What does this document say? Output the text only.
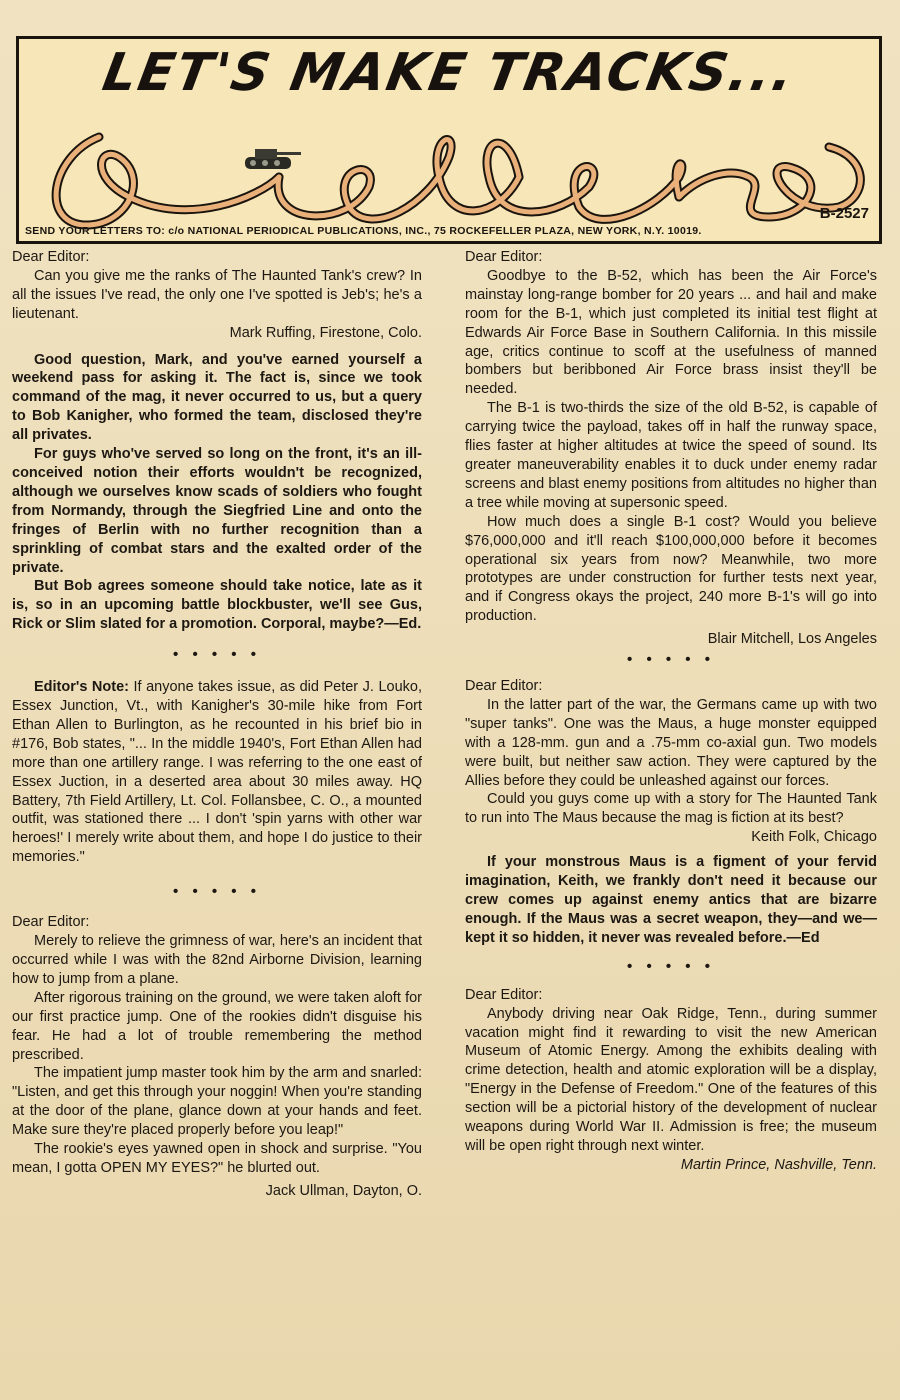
LET'S MAKE TRACKS...
Letters
B-2527
SEND YOUR LETTERS TO: c/o NATIONAL PERIODICAL PUBLICATIONS, INC., 75 ROCKEFELLER PLAZA, NEW YORK, N.Y. 10019.

Dear Editor:

Can you give me the ranks of The Haunted Tank's crew? In all the issues I've read, the only one I've spotted is Jeb's; he's a lieutenant.

Mark Ruffing, Firestone, Colo.

Good question, Mark, and you've earned yourself a weekend pass for asking it. The fact is, since we took command of the mag, it never occurred to us, but a query to Bob Kanigher, who formed the team, disclosed they're all privates.

For guys who've served so long on the front, it's an ill-conceived notion their efforts wouldn't be recognized, although we ourselves know scads of soldiers who fought from Normandy, through the Siegfried Line and onto the fringes of Berlin with no further recognition than a sprinkling of combat stars and the exalted order of the private.

But Bob agrees someone should take notice, late as it is, so in an upcoming battle blockbuster, we'll see Gus, Rick or Slim slated for a promotion. Corporal, maybe?—Ed.

• • • • •

Editor's Note: If anyone takes issue, as did Peter J. Louko, Essex Junction, Vt., with Kanigher's 30-mile hike from Fort Ethan Allen to Burlington, as he recounted in his brief bio in #176, Bob states, "... In the middle 1940's, Fort Ethan Allen had more than one artillery range. I was referring to the one east of Essex Juction, in a deserted area about 30 miles away. HQ Battery, 7th Field Artillery, Lt. Col. Follansbee, C. O., a mounted outfit, was stationed there ... I don't 'spin yarns with other war heroes!' I merely write about them, and hope I do justice to their memories."

• • • • •

Dear Editor:

Merely to relieve the grimness of war, here's an incident that occurred while I was with the 82nd Airborne Division, learning how to jump from a plane.

After rigorous training on the ground, we were taken aloft for our first practice jump. One of the rookies didn't disguise his fear. He had a lot of trouble remembering the method prescribed.

The impatient jump master took him by the arm and snarled: "Listen, and get this through your noggin! When you're standing at the door of the plane, glance down at your hands and feet. Make sure they're placed properly before you leap!"

The rookie's eyes yawned open in shock and surprise. "You mean, I gotta OPEN MY EYES?" he blurted out.

Jack Ullman, Dayton, O.

Dear Editor:

Goodbye to the B-52, which has been the Air Force's mainstay long-range bomber for 20 years ... and hail and make room for the B-1, which just completed its initial test flight at Edwards Air Force Base in Southern California. In this missile age, critics continue to scoff at the usefulness of manned bombers but beribboned Air Force brass insist they'll be needed.

The B-1 is two-thirds the size of the old B-52, is capable of carrying twice the payload, takes off in half the runway space, flies faster at higher altitudes at twice the speed of sound. Its greater maneuverability enables it to duck under enemy radar screens and blast enemy positions from altitudes no higher than a tree while moving at supersonic speed.

How much does a single B-1 cost? Would you believe $76,000,000 and it'll reach $100,000,000 before it becomes operational six years from now? Meanwhile, two more prototypes are under construction for further tests next year, and if Congress okays the project, 240 more B-1's will go into production.

Blair Mitchell, Los Angeles

• • • • •

Dear Editor:

In the latter part of the war, the Germans came up with two "super tanks". One was the Maus, a huge monster equipped with a 128-mm. gun and a .75-mm co-axial gun. Two models were built, but neither saw action. They were captured by the Allies before they could be unleashed against our forces.

Could you guys come up with a story for The Haunted Tank to run into The Maus because the mag is fiction at its best?

Keith Folk, Chicago

If your monstrous Maus is a figment of your fervid imagination, Keith, we frankly don't need it because our crew comes up against enemy antics that are bizarre enough. If the Maus was a secret weapon, they—and we—kept it so hidden, it never was revealed before.—Ed

• • • • •

Dear Editor:

Anybody driving near Oak Ridge, Tenn., during summer vacation might find it rewarding to visit the new American Museum of Atomic Energy. Among the exhibits dealing with crime detection, health and atomic exploration will be a display, "Energy in the Defense of Freedom." One of the features of this section will be a pictorial history of the development of nuclear weapons during World War II. Admission is free; the museum will be open right through next winter.

Martin Prince, Nashville, Tenn.
